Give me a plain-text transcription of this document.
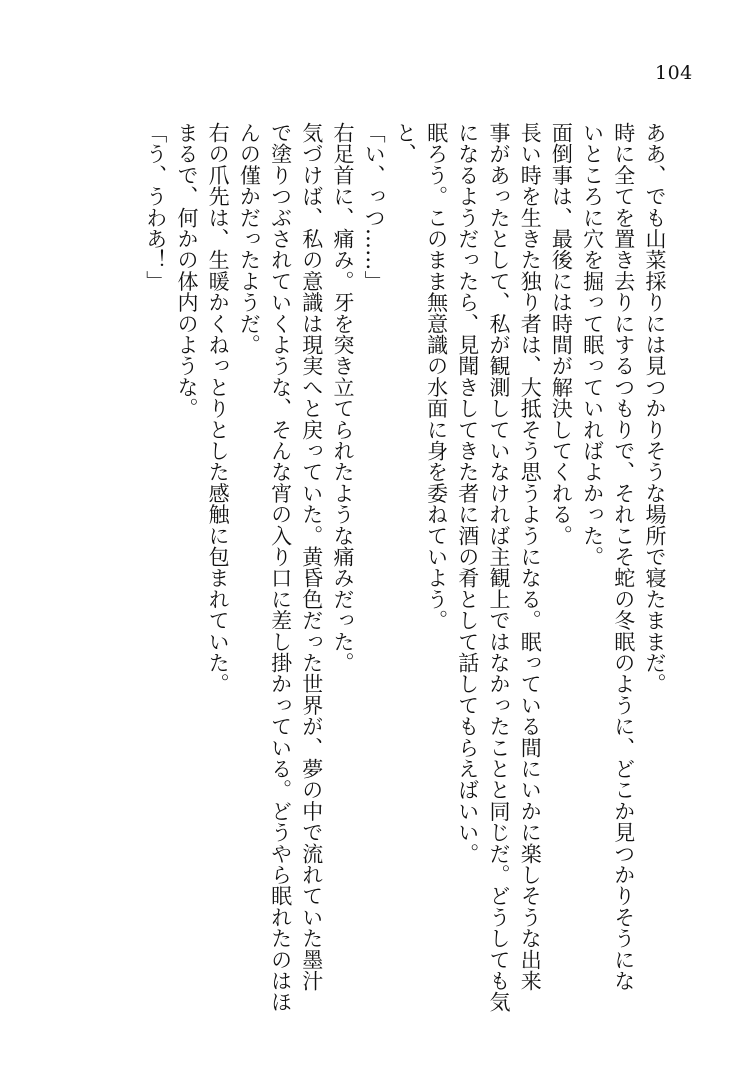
104
ああ、でも山菜採りには見つかりそうな場所で寝たままだ。
時に全てを置き去りにするつもりで、それこそ蛇の冬眠のように、どこか見つかりそうにな
いところに穴を掘って眠っていればよかった。
面倒事は、最後には時間が解決してくれる。
長い時を生きた独り者は、大抵そう思うようになる。眠っている間にいかに楽しそうな出来
事があったとして、私が観測していなければ主観上ではなかったことと同じだ。どうしても気
になるようだったら、見聞きしてきた者に酒の肴として話してもらえばいい。
眠ろう。このまま無意識の水面に身を委ねていよう。
と、
「い、っつ……」
右足首に、痛み。牙を突き立てられたような痛みだった。
気づけば、私の意識は現実へと戻っていた。黄昏色だった世界が、夢の中で流れていた墨汁
で塗りつぶされていくような、そんな宵の入り口に差し掛かっている。どうやら眠れたのはほ
んの僅かだったようだ。
右の爪先は、生暖かくねっとりとした感触に包まれていた。
まるで、何かの体内のような。
「う、うわあ！」
